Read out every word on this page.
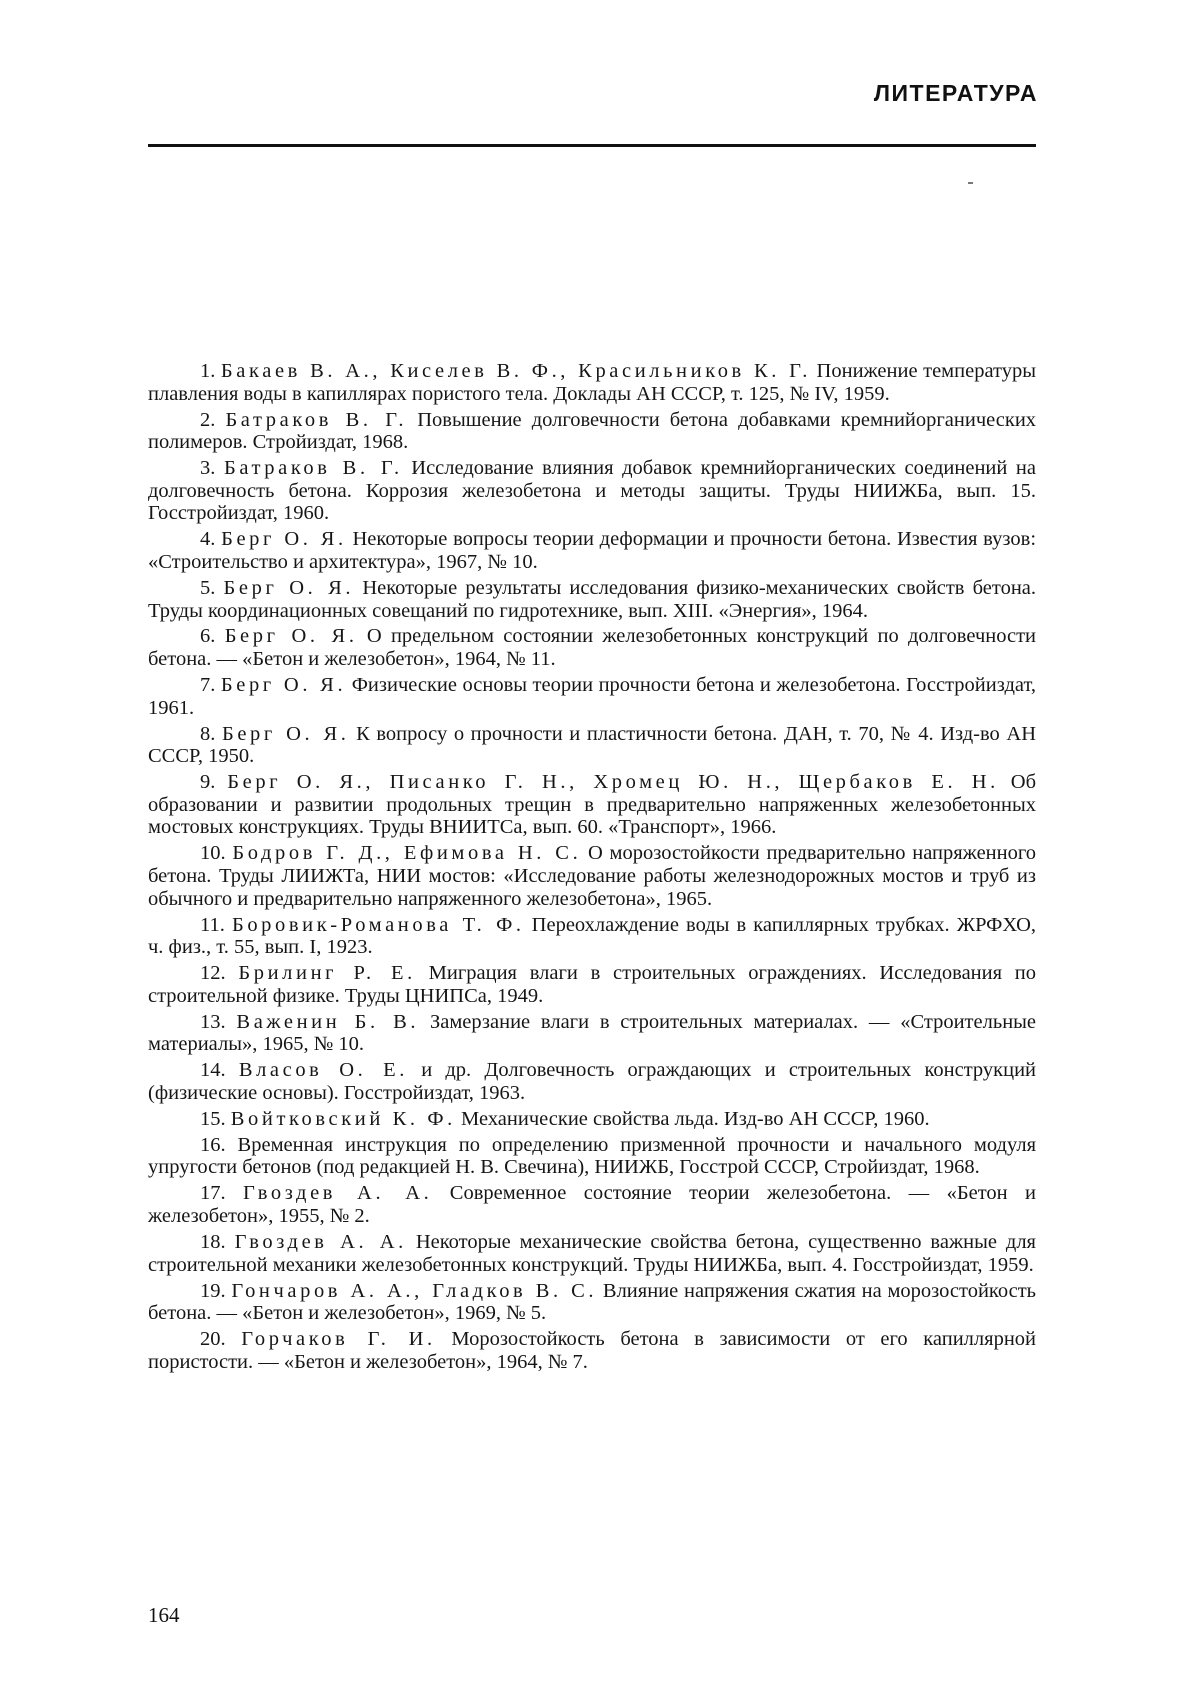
ЛИТЕРАТУРА
1. Бакаев В. А., Киселев В. Ф., Красильников К. Г. Понижение температуры плавления воды в капиллярах пористого тела. Доклады АН СССР, т. 125, № IV, 1959.
2. Батраков В. Г. Повышение долговечности бетона добавками кремнийорганических полимеров. Стройиздат, 1968.
3. Батраков В. Г. Исследование влияния добавок кремнийорганических соединений на долговечность бетона. Коррозия железобетона и методы защиты. Труды НИИЖБа, вып. 15. Госстройиздат, 1960.
4. Берг О. Я. Некоторые вопросы теории деформации и прочности бетона. Известия вузов: «Строительство и архитектура», 1967, № 10.
5. Берг О. Я. Некоторые результаты исследования физико-механических свойств бетона. Труды координационных совещаний по гидротехнике, вып. XIII. «Энергия», 1964.
6. Берг О. Я. О предельном состоянии железобетонных конструкций по долговечности бетона. — «Бетон и железобетон», 1964, № 11.
7. Берг О. Я. Физические основы теории прочности бетона и железобетона. Госстройиздат, 1961.
8. Берг О. Я. К вопросу о прочности и пластичности бетона. ДАН, т. 70, № 4. Изд-во АН СССР, 1950.
9. Берг О. Я., Писанко Г. Н., Хромец Ю. Н., Щербаков Е. Н. Об образовании и развитии продольных трещин в предварительно напряженных железобетонных мостовых конструкциях. Труды ВНИИТСа, вып. 60. «Транспорт», 1966.
10. Бодров Г. Д., Ефимова Н. С. О морозостойкости предварительно напряженного бетона. Труды ЛИИЖТа, НИИ мостов: «Исследование работы железнодорожных мостов и труб из обычного и предварительно напряженного железобетона», 1965.
11. Боровик-Романова Т. Ф. Переохлаждение воды в капиллярных трубках. ЖРФХО, ч. физ., т. 55, вып. I, 1923.
12. Брилинг Р. Е. Миграция влаги в строительных ограждениях. Исследования по строительной физике. Труды ЦНИПСа, 1949.
13. Важенин Б. В. Замерзание влаги в строительных материалах. — «Строительные материалы», 1965, № 10.
14. Власов О. Е. и др. Долговечность ограждающих и строительных конструкций (физические основы). Госстройиздат, 1963.
15. Войтковский К. Ф. Механические свойства льда. Изд-во АН СССР, 1960.
16. Временная инструкция по определению призменной прочности и начального модуля упругости бетонов (под редакцией Н. В. Свечина), НИИЖБ, Госстрой СССР, Стройиздат, 1968.
17. Гвоздев А. А. Современное состояние теории железобетона. — «Бетон и железобетон», 1955, № 2.
18. Гвоздев А. А. Некоторые механические свойства бетона, существенно важные для строительной механики железобетонных конструкций. Труды НИИЖБа, вып. 4. Госстройиздат, 1959.
19. Гончаров А. А., Гладков В. С. Влияние напряжения сжатия на морозостойкость бетона. — «Бетон и железобетон», 1969, № 5.
20. Горчаков Г. И. Морозостойкость бетона в зависимости от его капиллярной пористости. — «Бетон и железобетон», 1964, № 7.
164
